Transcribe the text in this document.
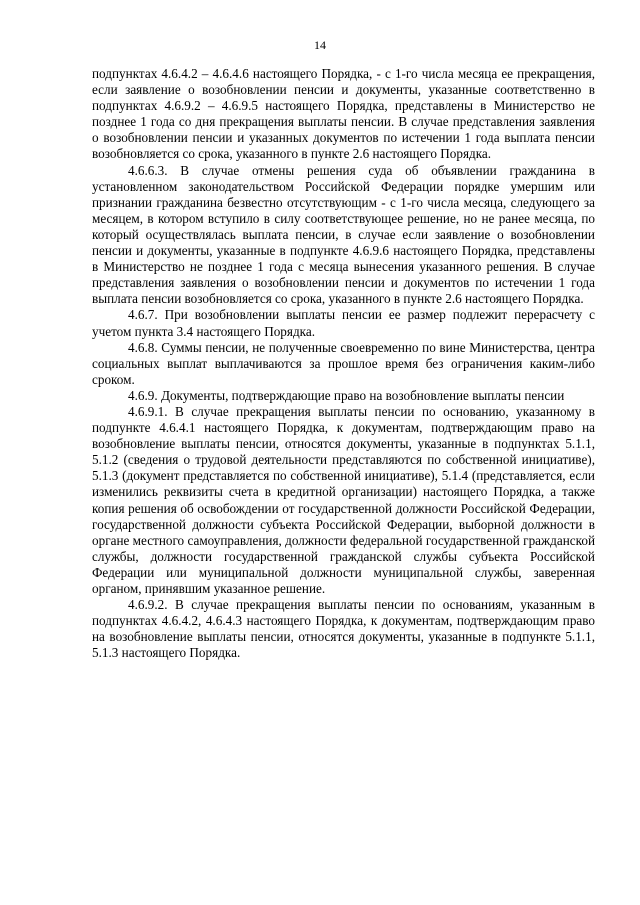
14

подпунктах 4.6.4.2 – 4.6.4.6 настоящего Порядка, - с 1-го числа месяца ее прекращения, если заявление о возобновлении пенсии и документы, указанные соответственно в подпунктах 4.6.9.2 – 4.6.9.5 настоящего Порядка, представлены в Министерство не позднее 1 года со дня прекращения выплаты пенсии. В случае представления заявления о возобновлении пенсии и указанных документов по истечении 1 года выплата пенсии возобновляется со срока, указанного в пункте 2.6 настоящего Порядка.

4.6.6.3. В случае отмены решения суда об объявлении гражданина в установленном законодательством Российской Федерации порядке умершим или признании гражданина безвестно отсутствующим - с 1-го числа месяца, следующего за месяцем, в котором вступило в силу соответствующее решение, но не ранее месяца, по который осуществлялась выплата пенсии, в случае если заявление о возобновлении пенсии и документы, указанные в подпункте 4.6.9.6 настоящего Порядка, представлены в Министерство не позднее 1 года с месяца вынесения указанного решения. В случае представления заявления о возобновлении пенсии и документов по истечении 1 года выплата пенсии возобновляется со срока, указанного в пункте 2.6 настоящего Порядка.

4.6.7. При возобновлении выплаты пенсии ее размер подлежит перерасчету с учетом пункта 3.4 настоящего Порядка.

4.6.8. Суммы пенсии, не полученные своевременно по вине Министерства, центра социальных выплат выплачиваются за прошлое время без ограничения каким-либо сроком.

4.6.9. Документы, подтверждающие право на возобновление выплаты пенсии

4.6.9.1. В случае прекращения выплаты пенсии по основанию, указанному в подпункте 4.6.4.1 настоящего Порядка, к документам, подтверждающим право на возобновление выплаты пенсии, относятся документы, указанные в подпунктах 5.1.1, 5.1.2 (сведения о трудовой деятельности представляются по собственной инициативе), 5.1.3 (документ представляется по собственной инициативе), 5.1.4 (представляется, если изменились реквизиты счета в кредитной организации) настоящего Порядка, а также копия решения об освобождении от государственной должности Российской Федерации, государственной должности субъекта Российской Федерации, выборной должности в органе местного самоуправления, должности федеральной государственной гражданской службы, должности государственной гражданской службы субъекта Российской Федерации или муниципальной должности муниципальной службы, заверенная органом, принявшим указанное решение.

4.6.9.2. В случае прекращения выплаты пенсии по основаниям, указанным в подпунктах 4.6.4.2, 4.6.4.3 настоящего Порядка, к документам, подтверждающим право на возобновление выплаты пенсии, относятся документы, указанные в подпункте 5.1.1, 5.1.3 настоящего Порядка.
